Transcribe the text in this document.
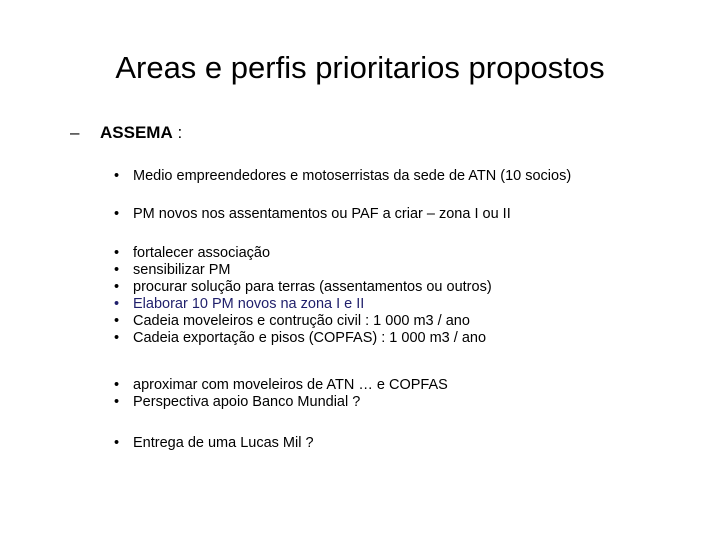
Areas e perfis prioritarios propostos
– ASSEMA :
• Medio empreendedores e motoserristas da sede de ATN (10 socios)
• PM novos nos assentamentos ou PAF a criar – zona I ou II
• fortalecer associação
• sensibilizar PM
• procurar solução para terras (assentamentos ou outros)
• Elaborar 10 PM novos na zona I e II
• Cadeia moveleiros e contrução civil : 1 000 m3 / ano
• Cadeia exportação e pisos (COPFAS) : 1 000 m3 / ano
• aproximar com moveleiros de ATN … e COPFAS
• Perspectiva apoio Banco Mundial ?
• Entrega de uma Lucas Mil ?
